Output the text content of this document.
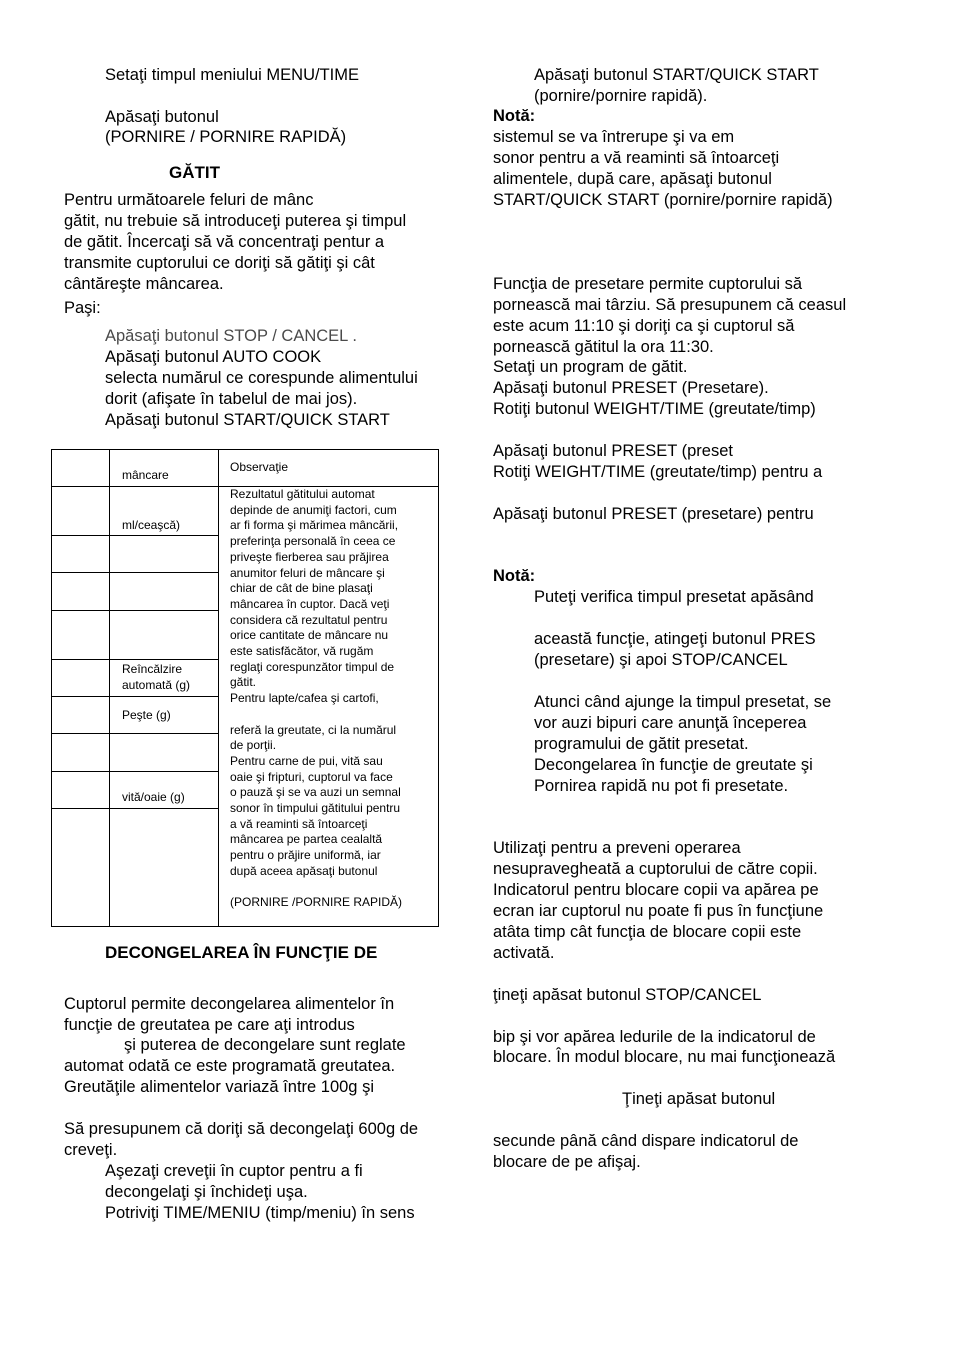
Setaţi timpul meniului MENU/TIME

Apăsaţi butonul

(PORNIRE / PORNIRE RAPIDĂ)

GĂTIT

Pentru următoarele feluri de mânc

gătit, nu trebuie să introduceţi puterea şi timpul

de gătit. Încercaţi să vă concentraţi pentur a

transmite cuptorului ce doriţi să gătiţi şi cât

cântăreşte mâncarea.

Paşi:

Apăsaţi butonul STOP / CANCEL .

Apăsaţi butonul AUTO COOK

selecta numărul ce corespunde alimentului

dorit (afişate în tabelul de mai jos).

Apăsaţi butonul START/QUICK START

mâncare
ml/ceaşcă)
Reîncălzire
automată (g)
Peşte (g)
vită/oaie (g)
Observaţie
Rezultatul gătitului automat
depinde de anumiţi factori, cum
ar fi forma şi mărimea mâncării,
preferinţa personală în ceea ce
priveşte fierberea sau prăjirea
anumitor feluri de mâncare şi
chiar de cât de bine plasaţi
mâncarea în cuptor. Dacă veţi
considera că rezultatul pentru
orice cantitate de mâncare nu
este satisfăcător, vă rugăm
reglaţi corespunzător timpul de
gătit.
Pentru lapte/cafea şi cartofi,
referă la greutate, ci la numărul
de porţii.
Pentru carne de pui, vită sau
oaie şi fripturi, cuptorul va face
o pauză şi se va auzi un semnal
sonor în timpului gătitului pentru
a vă reaminti să întoarceţi
mâncarea pe partea cealaltă
pentru o prăjire uniformă, iar
după aceea apăsaţi butonul
(PORNIRE /PORNIRE RAPIDĂ)

DECONGELAREA ÎN FUNCŢIE DE

Cuptorul permite decongelarea alimentelor în

funcţie de greutatea pe care aţi introdus

şi puterea de decongelare sunt reglate

automat odată ce este programată greutatea.

Greutăţile alimentelor variază între 100g şi

Să presupunem că doriţi să decongelaţi 600g de

creveţi.

Aşezaţi creveţii în cuptor pentru a fi

decongelaţi şi închideţi uşa.

Potriviţi TIME/MENIU (timp/meniu) în sens

Apăsaţi butonul START/QUICK START

(pornire/pornire rapidă).

Notă:

sistemul se va întrerupe şi va em

sonor pentru a vă reaminti să întoarceţi

alimentele, după care, apăsaţi butonul

START/QUICK START (pornire/pornire rapidă)

Funcţia de presetare permite cuptorului să

pornească mai târziu. Să presupunem că ceasul

este acum 11:10 şi doriţi ca şi cuptorul să

pornească gătitul la ora 11:30.

Setaţi un program de gătit.

Apăsaţi butonul PRESET (Presetare).

Rotiţi butonul WEIGHT/TIME (greutate/timp)

Apăsaţi butonul PRESET (preset

Rotiţi WEIGHT/TIME (greutate/timp) pentru a

Apăsaţi butonul PRESET (presetare) pentru

Notă:

Puteţi verifica timpul presetat apăsând

această funcţie, atingeţi butonul PRES

(presetare) şi apoi STOP/CANCEL

Atunci când ajunge la timpul presetat, se

vor auzi bipuri care anunţă începerea

programului de gătit presetat.

Decongelarea în funcţie de greutate şi

Pornirea rapidă nu pot fi presetate.

Utilizaţi pentru a preveni operarea

nesupravegheată a cuptorului de către copii.

Indicatorul pentru blocare copii va apărea pe

ecran iar cuptorul nu poate fi pus în funcţiune

atâta timp cât funcţia de blocare copii este

activată.

ţineţi apăsat butonul STOP/CANCEL

bip şi vor apărea ledurile de la indicatorul de

blocare. În modul blocare, nu mai funcţionează

Ţineţi apăsat butonul

secunde până când dispare indicatorul de

blocare de pe afişaj.
